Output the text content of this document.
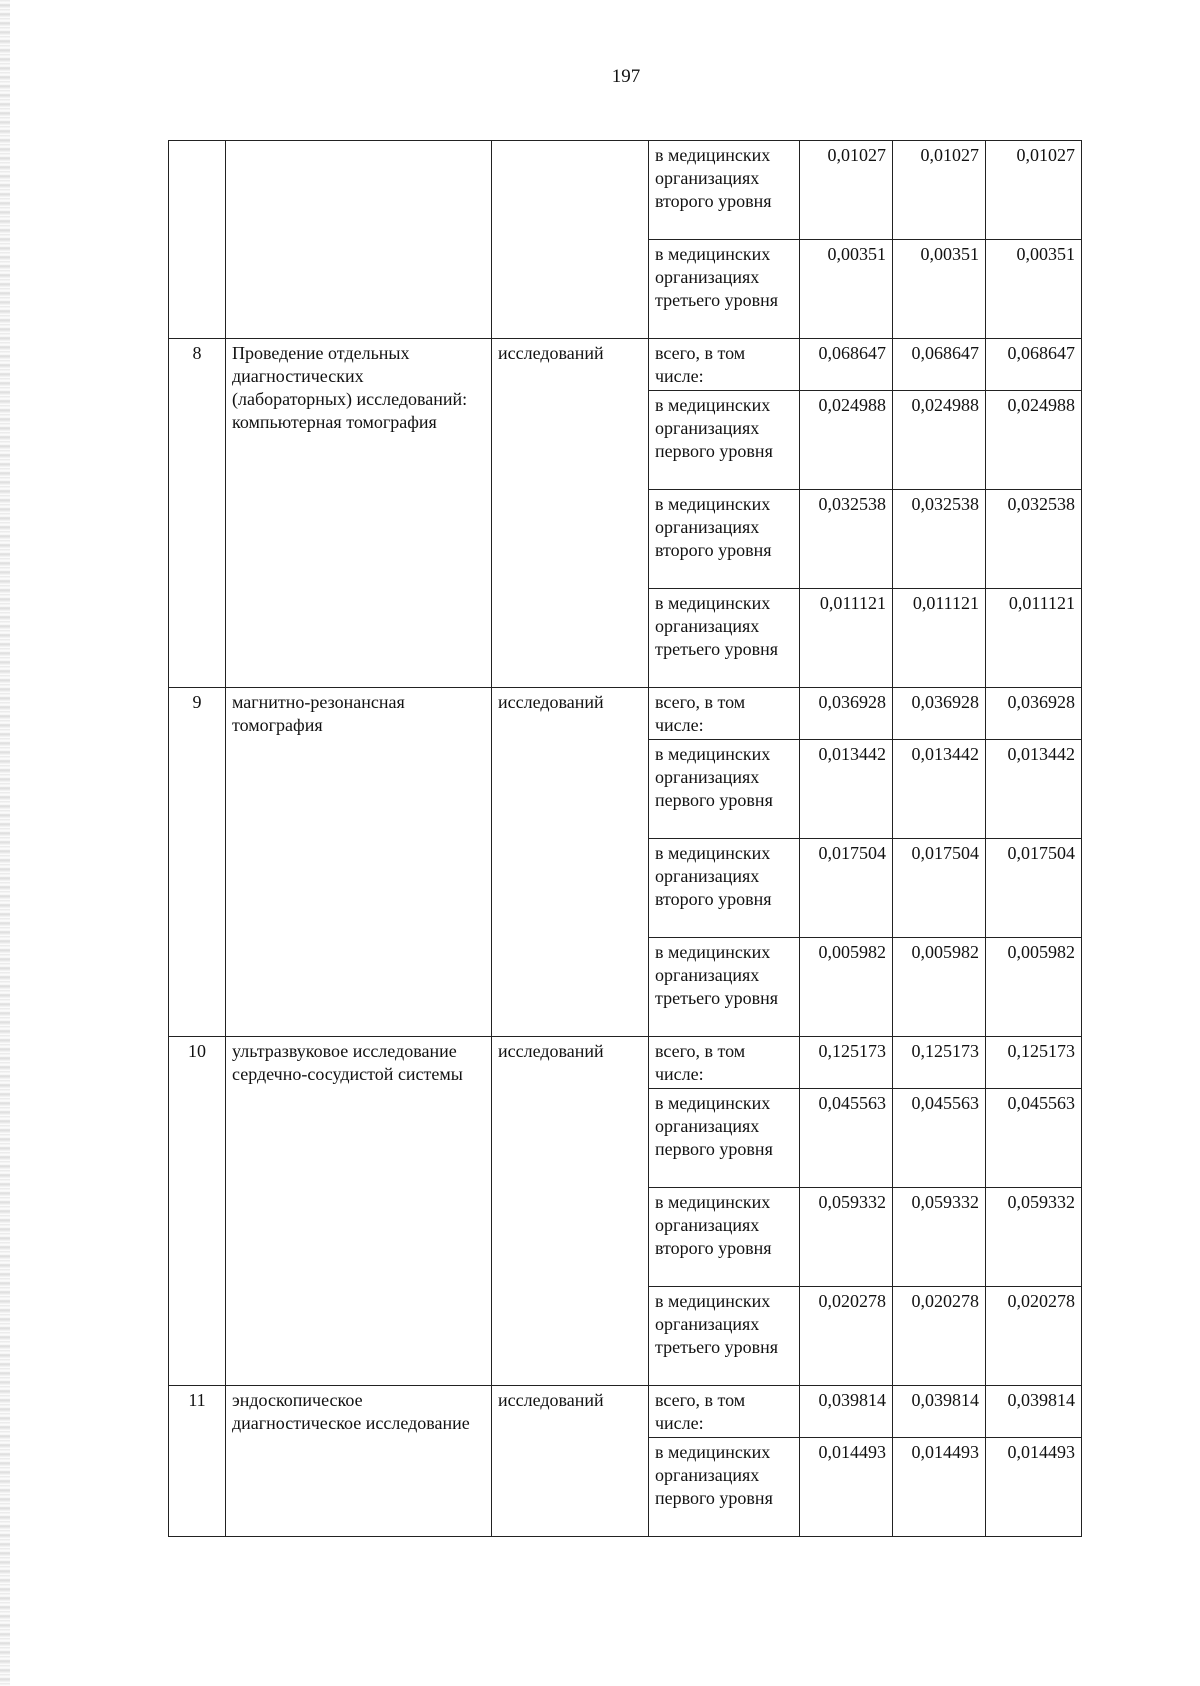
197
			в медицинских организациях второго уровня	0,01027	0,01027	0,01027
			в медицинских организациях третьего уровня	0,00351	0,00351	0,00351
8	Проведение отдельных диагностических (лабораторных) исследований: компьютерная томография	исследований	всего, в том числе:	0,068647	0,068647	0,068647
			в медицинских организациях первого уровня	0,024988	0,024988	0,024988
			в медицинских организациях второго уровня	0,032538	0,032538	0,032538
			в медицинских организациях третьего уровня	0,011121	0,011121	0,011121
9	магнитно-резонансная томография	исследований	всего, в том числе:	0,036928	0,036928	0,036928
			в медицинских организациях первого уровня	0,013442	0,013442	0,013442
			в медицинских организациях второго уровня	0,017504	0,017504	0,017504
			в медицинских организациях третьего уровня	0,005982	0,005982	0,005982
10	ультразвуковое исследование сердечно-сосудистой системы	исследований	всего, в том числе:	0,125173	0,125173	0,125173
			в медицинских организациях первого уровня	0,045563	0,045563	0,045563
			в медицинских организациях второго уровня	0,059332	0,059332	0,059332
			в медицинских организациях третьего уровня	0,020278	0,020278	0,020278
11	эндоскопическое диагностическое исследование	исследований	всего, в том числе:	0,039814	0,039814	0,039814
			в медицинских организациях первого уровня	0,014493	0,014493	0,014493
